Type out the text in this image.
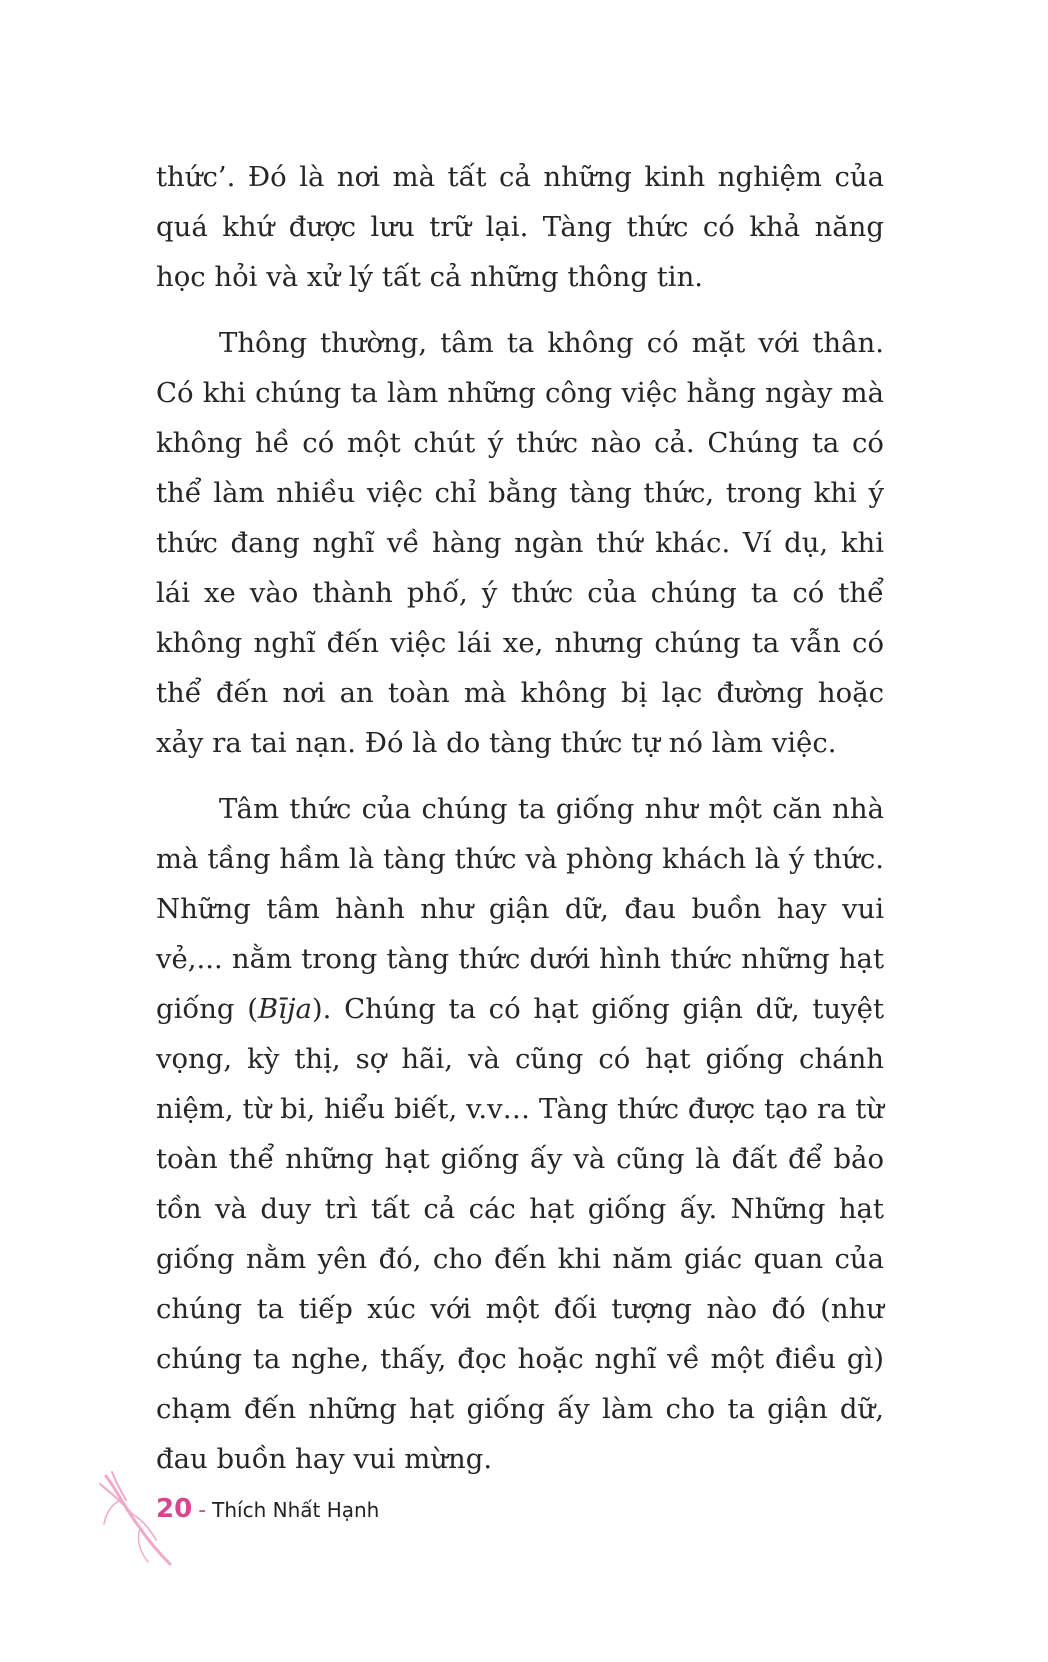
thức’. Đó là nơi mà tất cả những kinh nghiệm của quá khứ được lưu trữ lại. Tàng thức có khả năng học hỏi và xử lý tất cả những thông tin.

Thông thường, tâm ta không có mặt với thân. Có khi chúng ta làm những công việc hằng ngày mà không hề có một chút ý thức nào cả. Chúng ta có thể làm nhiều việc chỉ bằng tàng thức, trong khi ý thức đang nghĩ về hàng ngàn thứ khác. Ví dụ, khi lái xe vào thành phố, ý thức của chúng ta có thể không nghĩ đến việc lái xe, nhưng chúng ta vẫn có thể đến nơi an toàn mà không bị lạc đường hoặc xảy ra tai nạn. Đó là do tàng thức tự nó làm việc.

Tâm thức của chúng ta giống như một căn nhà mà tầng hầm là tàng thức và phòng khách là ý thức. Những tâm hành như giận dữ, đau buồn hay vui vẻ,... nằm trong tàng thức dưới hình thức những hạt giống (Bīja). Chúng ta có hạt giống giận dữ, tuyệt vọng, kỳ thị, sợ hãi, và cũng có hạt giống chánh niệm, từ bi, hiểu biết, v.v… Tàng thức được tạo ra từ toàn thể những hạt giống ấy và cũng là đất để bảo tồn và duy trì tất cả các hạt giống ấy. Những hạt giống nằm yên đó, cho đến khi năm giác quan của chúng ta tiếp xúc với một đối tượng nào đó (như chúng ta nghe, thấy, đọc hoặc nghĩ về một điều gì) chạm đến những hạt giống ấy làm cho ta giận dữ, đau buồn hay vui mừng.

20 - Thích Nhất Hạnh
